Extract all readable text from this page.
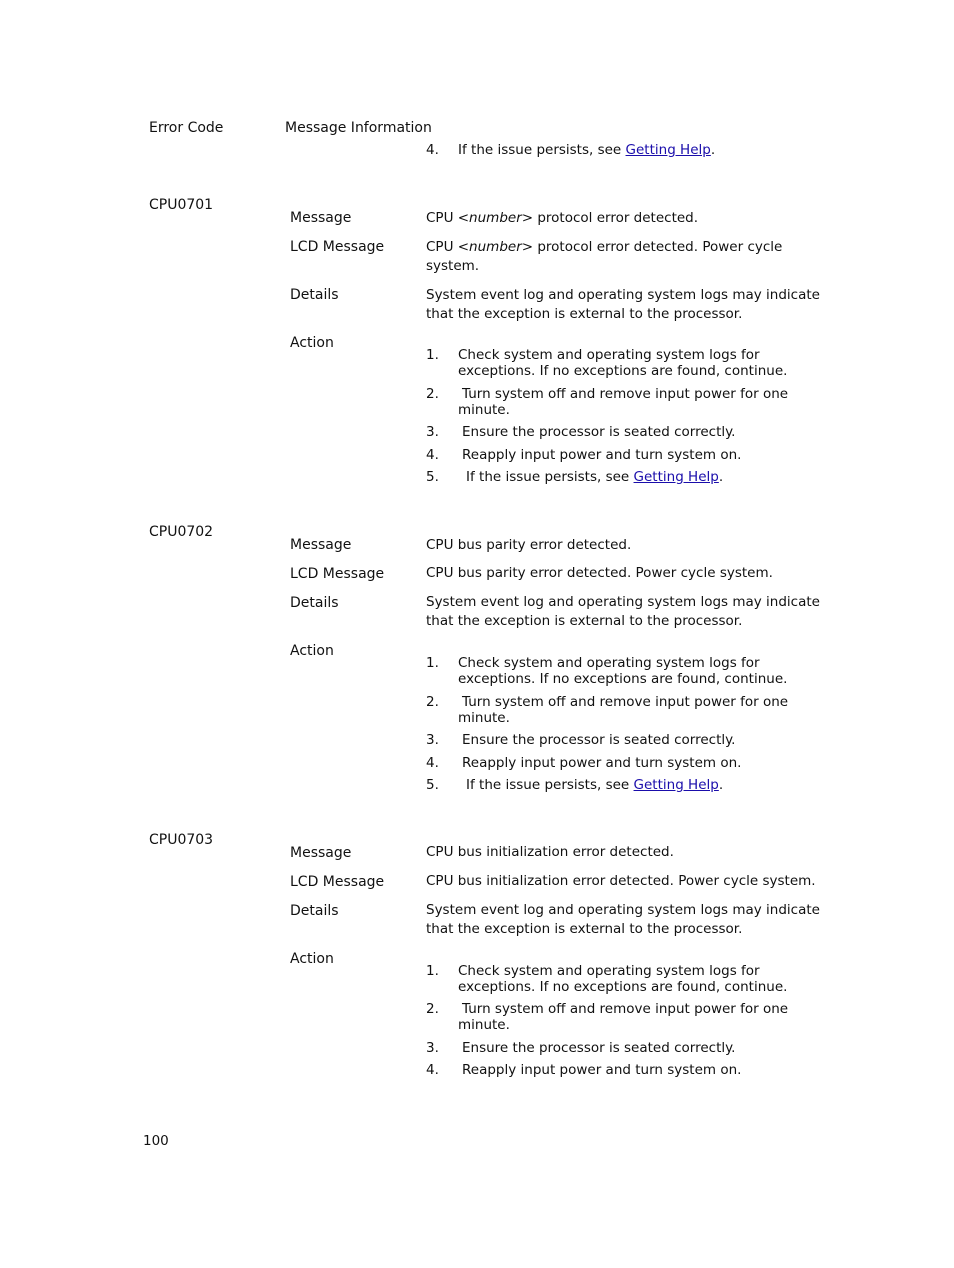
Error Code	Message Information
4.	If the issue persists, see Getting Help.
CPU0701
Message	CPU <number> protocol error detected.
LCD Message	CPU <number> protocol error detected. Power cycle system.
Details	System event log and operating system logs may indicate that the exception is external to the processor.
Action
1.	Check system and operating system logs for exceptions. If no exceptions are found, continue.
2.	Turn system off and remove input power for one minute.
3.	Ensure the processor is seated correctly.
4.	Reapply input power and turn system on.
5.	If the issue persists, see Getting Help.
CPU0702
Message	CPU bus parity error detected.
LCD Message	CPU bus parity error detected. Power cycle system.
Details	System event log and operating system logs may indicate that the exception is external to the processor.
Action
1.	Check system and operating system logs for exceptions. If no exceptions are found, continue.
2.	Turn system off and remove input power for one minute.
3.	Ensure the processor is seated correctly.
4.	Reapply input power and turn system on.
5.	If the issue persists, see Getting Help.
CPU0703
Message	CPU bus initialization error detected.
LCD Message	CPU bus initialization error detected. Power cycle system.
Details	System event log and operating system logs may indicate that the exception is external to the processor.
Action
1.	Check system and operating system logs for exceptions. If no exceptions are found, continue.
2.	Turn system off and remove input power for one minute.
3.	Ensure the processor is seated correctly.
4.	Reapply input power and turn system on.
100
